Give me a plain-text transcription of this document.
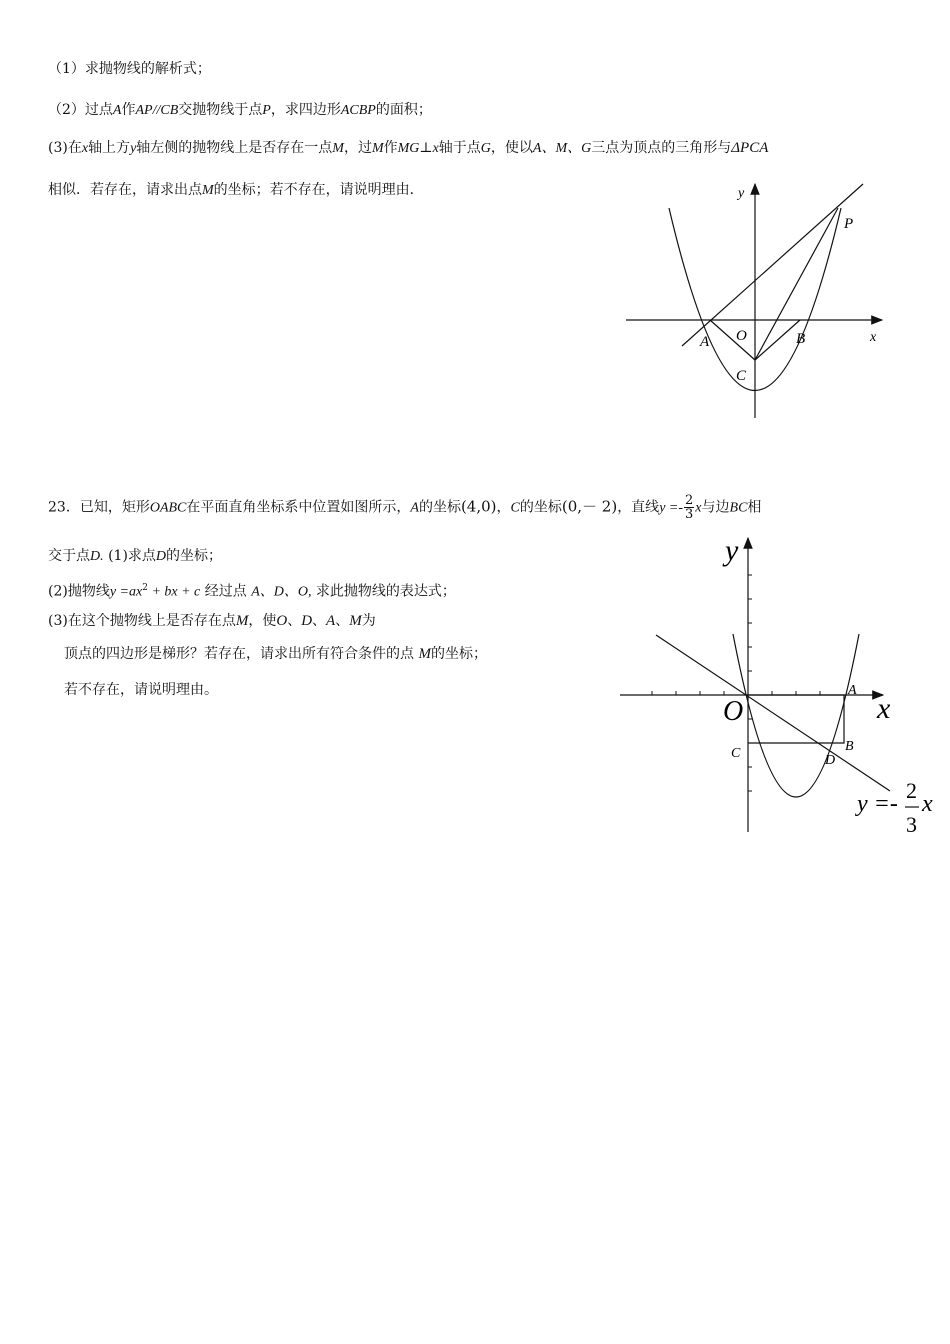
（1）求抛物线的解析式；
（2）过点A作AP//CB交抛物线于点P，求四边形ACBP的面积；
(3)在x轴上方y轴左侧的抛物线上是否存在一点M，过M作MG⊥x轴于点G，使以A、M、G三点为顶点的三角形与ΔPCA
相似．若存在，请求出点M的坐标；若不存在，请说明理由．	y
x
P
O
A	B
C
23．已知，矩形OABC在平面直角坐标系中位置如图所示，A的坐标(4,0)，C的坐标(0,－ 2)，直线$y =- \frac{2}{3}$ x与边BC相
交于点D. (1)求点D的坐标；
(2)抛物线$y =ax^2$ + bx + c 经过点 A、D、O, 求此抛物线的表达式；
(3)在这个抛物线上是否存在点M，使O、D、A、M为
顶点的四边形是梯形？若存在，请求出所有符合条件的点 M的坐标；
若不存在，请说明理由。
y
x
O
A
B
C	D
y =-
2
3
x
